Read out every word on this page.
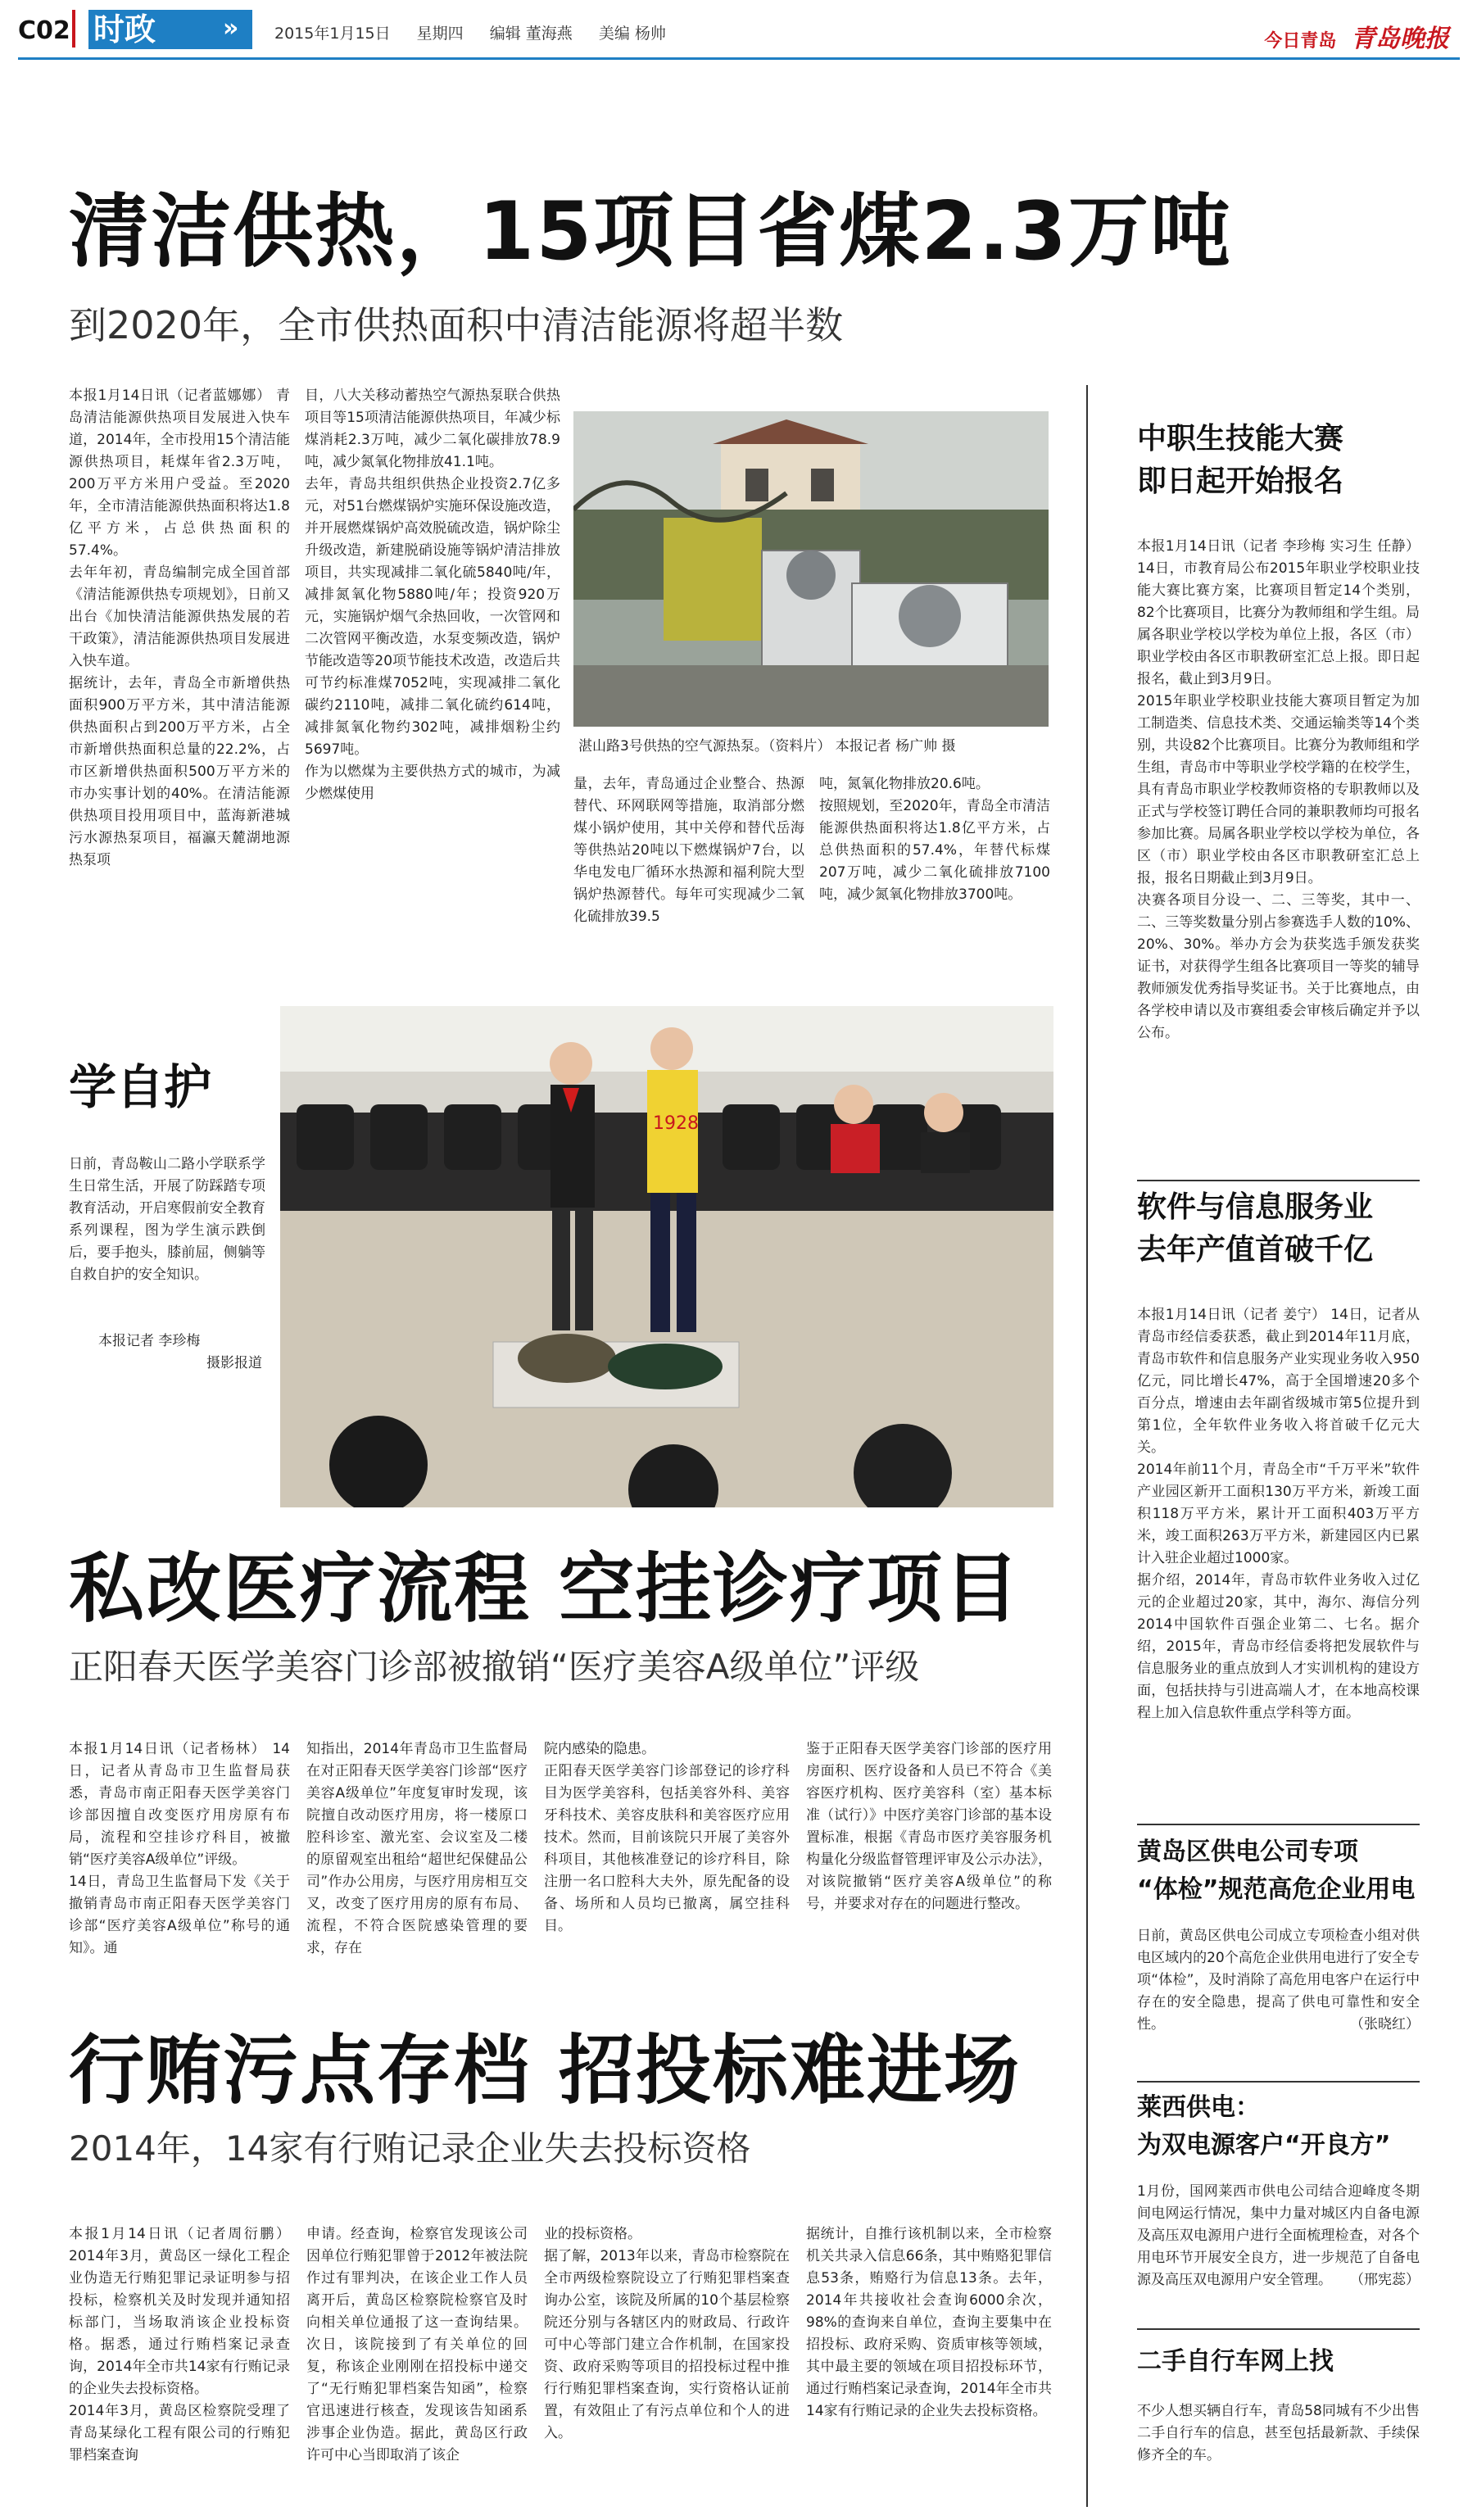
C02 时政	»	2015年1月15日 星期四 编辑 董海燕 美编 杨帅	今日青岛 青岛晚报
清洁供热，15项目省煤2.3万吨
到2020年，全市供热面积中清洁能源将超半数
本报1月14日讯（记者蓝娜娜） 青岛清洁能源供热项目发展进入快车道，2014年，全市投用15个清洁能源供热项目，耗煤年省2.3万吨，200万平方米用户受益。至2020年，全市清洁能源供热面积将达1.8亿平方米，占总供热面积的57.4%。
去年年初，青岛编制完成全国首部《清洁能源供热专项规划》，日前又出台《加快清洁能源供热发展的若干政策》，清洁能源供热项目发展进入快车道。
据统计，去年，青岛全市新增供热面积900万平方米，其中清洁能源供热面积占到200万平方米，占全市新增供热面积总量的22.2%，占市区新增供热面积500万平方米的市办实事计划的40%。在清洁能源供热项目投用项目中，蓝海新港城污水源热泵项目，福瀛天麓湖地源热泵项
目，八大关移动蓄热空气源热泵联合供热项目等15项清洁能源供热项目，年减少标煤消耗2.3万吨，减少二氧化碳排放78.9吨，减少氮氧化物排放41.1吨。
去年，青岛共组织供热企业投资2.7亿多元，对51台燃煤锅炉实施环保设施改造，并开展燃煤锅炉高效脱硫改造，锅炉除尘升级改造，新建脱硝设施等锅炉清洁排放项目，共实现减排二氧化硫5840吨/年，减排氮氧化物5880吨/年；投资920万元，实施锅炉烟气余热回收，一次管网和二次管网平衡改造，水泵变频改造，锅炉节能改造等20项节能技术改造，改造后共可节约标准煤7052吨，实现减排二氧化碳约2110吨，减排二氧化硫约614吨，减排氮氧化物约302吨，减排烟粉尘约5697吨。
作为以燃煤为主要供热方式的城市，为减少燃煤使用
湛山路3号供热的空气源热泵。（资料片） 本报记者 杨广帅 摄
量，去年，青岛通过企业整合、热源替代、环网联网等措施，取消部分燃煤小锅炉使用，其中关停和替代岳海等供热站20吨以下燃煤锅炉7台，以华电发电厂循环水热源和福利院大型锅炉热源替代。每年可实现减少二氧化硫排放39.5
吨，氮氧化物排放20.6吨。
按照规划，至2020年，青岛全市清洁能源供热面积将达1.8亿平方米，占总供热面积的57.4%，年替代标煤207万吨，减少二氧化硫排放7100吨，减少氮氧化物排放3700吨。
学自护
日前，青岛鞍山二路小学联系学生日常生活，开展了防踩踏专项教育活动，开启寒假前安全教育系列课程，图为学生演示跌倒后，要手抱头，膝前屈，侧躺等自救自护的安全知识。
本报记者 李珍梅
摄影报道
1928
私改医疗流程 空挂诊疗项目
正阳春天医学美容门诊部被撤销“医疗美容A级单位”评级
本报1月14日讯（记者杨林） 14日，记者从青岛市卫生监督局获悉，青岛市南正阳春天医学美容门诊部因擅自改变医疗用房原有布局，流程和空挂诊疗科目，被撤销“医疗美容A级单位”评级。
14日，青岛卫生监督局下发《关于撤销青岛市南正阳春天医学美容门诊部“医疗美容A级单位”称号的通知》。通
知指出，2014年青岛市卫生监督局在对正阳春天医学美容门诊部“医疗美容A级单位”年度复审时发现，该院擅自改动医疗用房，将一楼原口腔科诊室、激光室、会议室及二楼的原留观室出租给“超世纪保健品公司”作办公用房，与医疗用房相互交叉，改变了医疗用房的原有布局、流程，不符合医院感染管理的要求，存在
院内感染的隐患。
正阳春天医学美容门诊部登记的诊疗科目为医学美容科，包括美容外科、美容牙科技术、美容皮肤科和美容医疗应用技术。然而，目前该院只开展了美容外科项目，其他核准登记的诊疗科目，除注册一名口腔科大夫外，原先配备的设备、场所和人员均已撤离，属空挂科目。
鉴于正阳春天医学美容门诊部的医疗用房面积、医疗设备和人员已不符合《美容医疗机构、医疗美容科（室）基本标准（试行）》中医疗美容门诊部的基本设置标准，根据《青岛市医疗美容服务机构量化分级监督管理评审及公示办法》，对该院撤销“医疗美容A级单位”的称号，并要求对存在的问题进行整改。
行贿污点存档 招投标难进场
2014年，14家有行贿记录企业失去投标资格
本报1月14日讯（记者周衍鹏） 2014年3月，黄岛区一绿化工程企业伪造无行贿犯罪记录证明参与招投标，检察机关及时发现并通知招标部门，当场取消该企业投标资格。据悉，通过行贿档案记录查询，2014年全市共14家有行贿记录的企业失去投标资格。
2014年3月，黄岛区检察院受理了青岛某绿化工程有限公司的行贿犯罪档案查询
申请。经查询，检察官发现该公司因单位行贿犯罪曾于2012年被法院作过有罪判决，在该企业工作人员离开后，黄岛区检察院检察官及时向相关单位通报了这一查询结果。次日，该院接到了有关单位的回复，称该企业刚刚在招投标中递交了“无行贿犯罪档案告知函”，检察官迅速进行核查，发现该告知函系涉事企业伪造。据此，黄岛区行政许可中心当即取消了该企
业的投标资格。
据了解，2013年以来，青岛市检察院在全市两级检察院设立了行贿犯罪档案查询办公室，该院及所属的10个基层检察院还分别与各辖区内的财政局、行政许可中心等部门建立合作机制，在国家投资、政府采购等项目的招投标过程中推行行贿犯罪档案查询，实行资格认证前置，有效阻止了有污点单位和个人的进入。
据统计，自推行该机制以来，全市检察机关共录入信息66条，其中贿赂犯罪信息53条，贿赂行为信息13条。去年，2014年共接收社会查询6000余次，98%的查询来自单位，查询主要集中在招投标、政府采购、资质审核等领域，其中最主要的领域在项目招投标环节，通过行贿档案记录查询，2014年全市共14家有行贿记录的企业失去投标资格。
中职生技能大赛
即日起开始报名
本报1月14日讯（记者 李珍梅 实习生 任静） 14日，市教育局公布2015年职业学校职业技能大赛比赛方案，比赛项目暂定14个类别，82个比赛项目，比赛分为教师组和学生组。局属各职业学校以学校为单位上报，各区（市）职业学校由各区市职教研室汇总上报。即日起报名，截止到3月9日。
2015年职业学校职业技能大赛项目暂定为加工制造类、信息技术类、交通运输类等14个类别，共设82个比赛项目。比赛分为教师组和学生组，青岛市中等职业学校学籍的在校学生，具有青岛市职业学校教师资格的专职教师以及正式与学校签订聘任合同的兼职教师均可报名参加比赛。局属各职业学校以学校为单位，各区（市）职业学校由各区市职教研室汇总上报，报名日期截止到3月9日。
决赛各项目分设一、二、三等奖，其中一、二、三等奖数量分别占参赛选手人数的10%、20%、30%。举办方会为获奖选手颁发获奖证书，对获得学生组各比赛项目一等奖的辅导教师颁发优秀指导奖证书。关于比赛地点，由各学校申请以及市赛组委会审核后确定并予以公布。
软件与信息服务业
去年产值首破千亿
本报1月14日讯（记者 姜宁） 14日，记者从青岛市经信委获悉，截止到2014年11月底，青岛市软件和信息服务产业实现业务收入950亿元，同比增长47%，高于全国增速20多个百分点，增速由去年副省级城市第5位提升到第1位，全年软件业务收入将首破千亿元大关。
2014年前11个月，青岛全市“千万平米”软件产业园区新开工面积130万平方米，新竣工面积118万平方米，累计开工面积403万平方米，竣工面积263万平方米，新建园区内已累计入驻企业超过1000家。
据介绍，2014年，青岛市软件业务收入过亿元的企业超过20家，其中，海尔、海信分列2014中国软件百强企业第二、七名。据介绍，2015年，青岛市经信委将把发展软件与信息服务业的重点放到人才实训机构的建设方面，包括扶持与引进高端人才，在本地高校课程上加入信息软件重点学科等方面。
黄岛区供电公司专项
“体检”规范高危企业用电
日前，黄岛区供电公司成立专项检查小组对供电区域内的20个高危企业供用电进行了安全专项“体检”，及时消除了高危用电客户在运行中存在的安全隐患，提高了供电可靠性和安全性。	（张晓红）
莱西供电：
为双电源客户“开良方”
1月份，国网莱西市供电公司结合迎峰度冬期间电网运行情况，集中力量对城区内自备电源及高压双电源用户进行全面梳理检查，对各个用电环节开展安全良方，进一步规范了自备电源及高压双电源用户安全管理。 （邢宪蕊）
二手自行车网上找
不少人想买辆自行车，青岛58同城有不少出售二手自行车的信息，甚至包括最新款、手续保修齐全的车。
